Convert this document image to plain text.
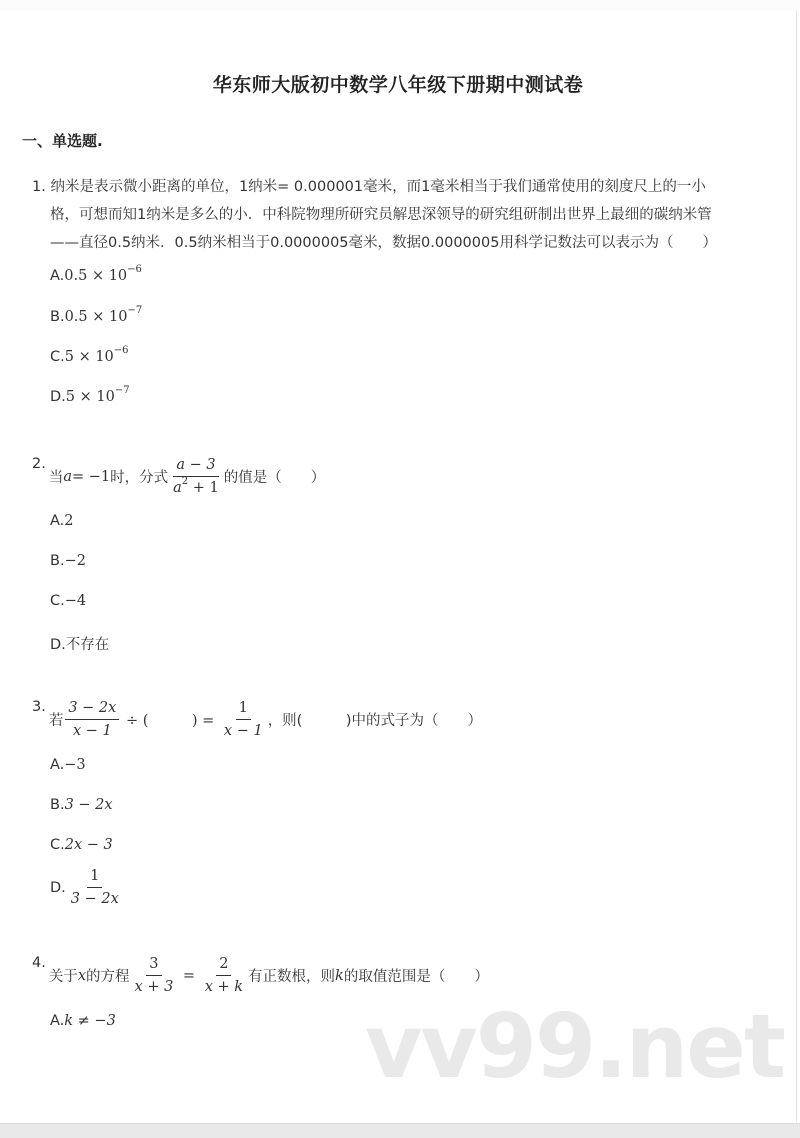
华东师大版初中数学八年级下册期中测试卷
一、单选题.
1. 纳米是表示微小距离的单位，1纳米= 0.000001毫米，而1毫米相当于我们通常使用的刻度尺上的一小
格，可想而知1纳米是多么的小．中科院物理所研究员解思深领导的研究组研制出世界上最细的碳纳米管
——直径0.5纳米．0.5纳米相当于0.0000005毫米，数据0.0000005用科学记数法可以表示为（　　）
$A.0.5 \times 10^{-6}$
$B.0.5 \times 10^{-7}$
$C.5 \times 10^{-6}$
$D.5 \times 10^{-7}$
2.
当 a = −1 时，分式 $\frac{a - 3}{a^2 + 1}$ 的值是（　　）
A.2
B.−2
C.−4
D.不存在
3.
若 $\frac{3 - 2x}{x - 1}$ ÷ (　　　) = $\frac{1}{x - 1}$ ，则(　　　)中的式子为（　　）
A.−3
B.3 − 2x
C.2x − 3
D. $\frac{1}{3 - 2x}$
4.
关于 x 的方程 $\frac{3}{x + 3} = \frac{2}{x + k}$ 有正数根，则 k 的取值范围是（　　）
A.k ≠ −3	vv99.net
